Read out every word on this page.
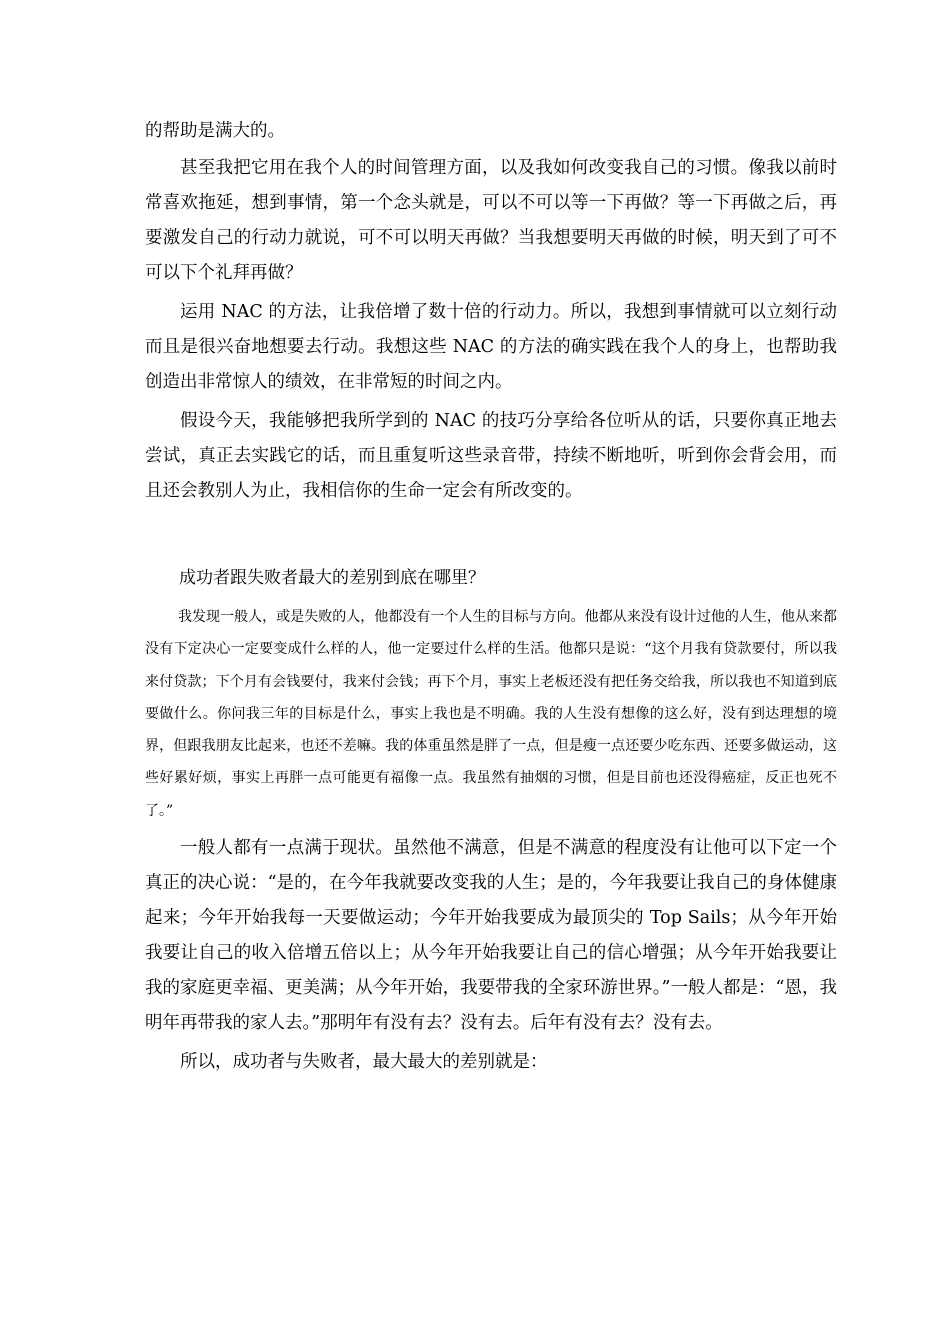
的帮助是满大的。

甚至我把它用在我个人的时间管理方面，以及我如何改变我自己的习惯。像我以前时常喜欢拖延，想到事情，第一个念头就是，可以不可以等一下再做？等一下再做之后，再要激发自己的行动力就说，可不可以明天再做？当我想要明天再做的时候，明天到了可不可以下个礼拜再做？

运用 NAC 的方法，让我倍增了数十倍的行动力。所以，我想到事情就可以立刻行动而且是很兴奋地想要去行动。我想这些 NAC 的方法的确实践在我个人的身上，也帮助我创造出非常惊人的绩效，在非常短的时间之内。

假设今天，我能够把我所学到的 NAC 的技巧分享给各位听从的话，只要你真正地去尝试，真正去实践它的话，而且重复听这些录音带，持续不断地听，听到你会背会用，而且还会教别人为止，我相信你的生命一定会有所改变的。

成功者跟失败者最大的差别到底在哪里？

我发现一般人，或是失败的人，他都没有一个人生的目标与方向。他都从来没有设计过他的人生，他从来都没有下定决心一定要变成什么样的人，他一定要过什么样的生活。他都只是说：“这个月我有贷款要付，所以我来付贷款；下个月有会钱要付，我来付会钱；再下个月，事实上老板还没有把任务交给我，所以我也不知道到底要做什么。你问我三年的目标是什么，事实上我也是不明确。我的人生没有想像的这么好，没有到达理想的境界，但跟我朋友比起来，也还不差嘛。我的体重虽然是胖了一点，但是瘦一点还要少吃东西、还要多做运动，这些好累好烦，事实上再胖一点可能更有福像一点。我虽然有抽烟的习惯，但是目前也还没得癌症，反正也死不了。”

一般人都有一点满于现状。虽然他不满意，但是不满意的程度没有让他可以下定一个真正的决心说：“是的，在今年我就要改变我的人生；是的，今年我要让我自己的身体健康起来；今年开始我每一天要做运动；今年开始我要成为最顶尖的 Top Sails；从今年开始我要让自己的收入倍增五倍以上；从今年开始我要让自己的信心增强；从今年开始我要让我的家庭更幸福、更美满；从今年开始，我要带我的全家环游世界。”一般人都是：“恩，我明年再带我的家人去。”那明年有没有去？没有去。后年有没有去？没有去。

所以，成功者与失败者，最大最大的差别就是：
